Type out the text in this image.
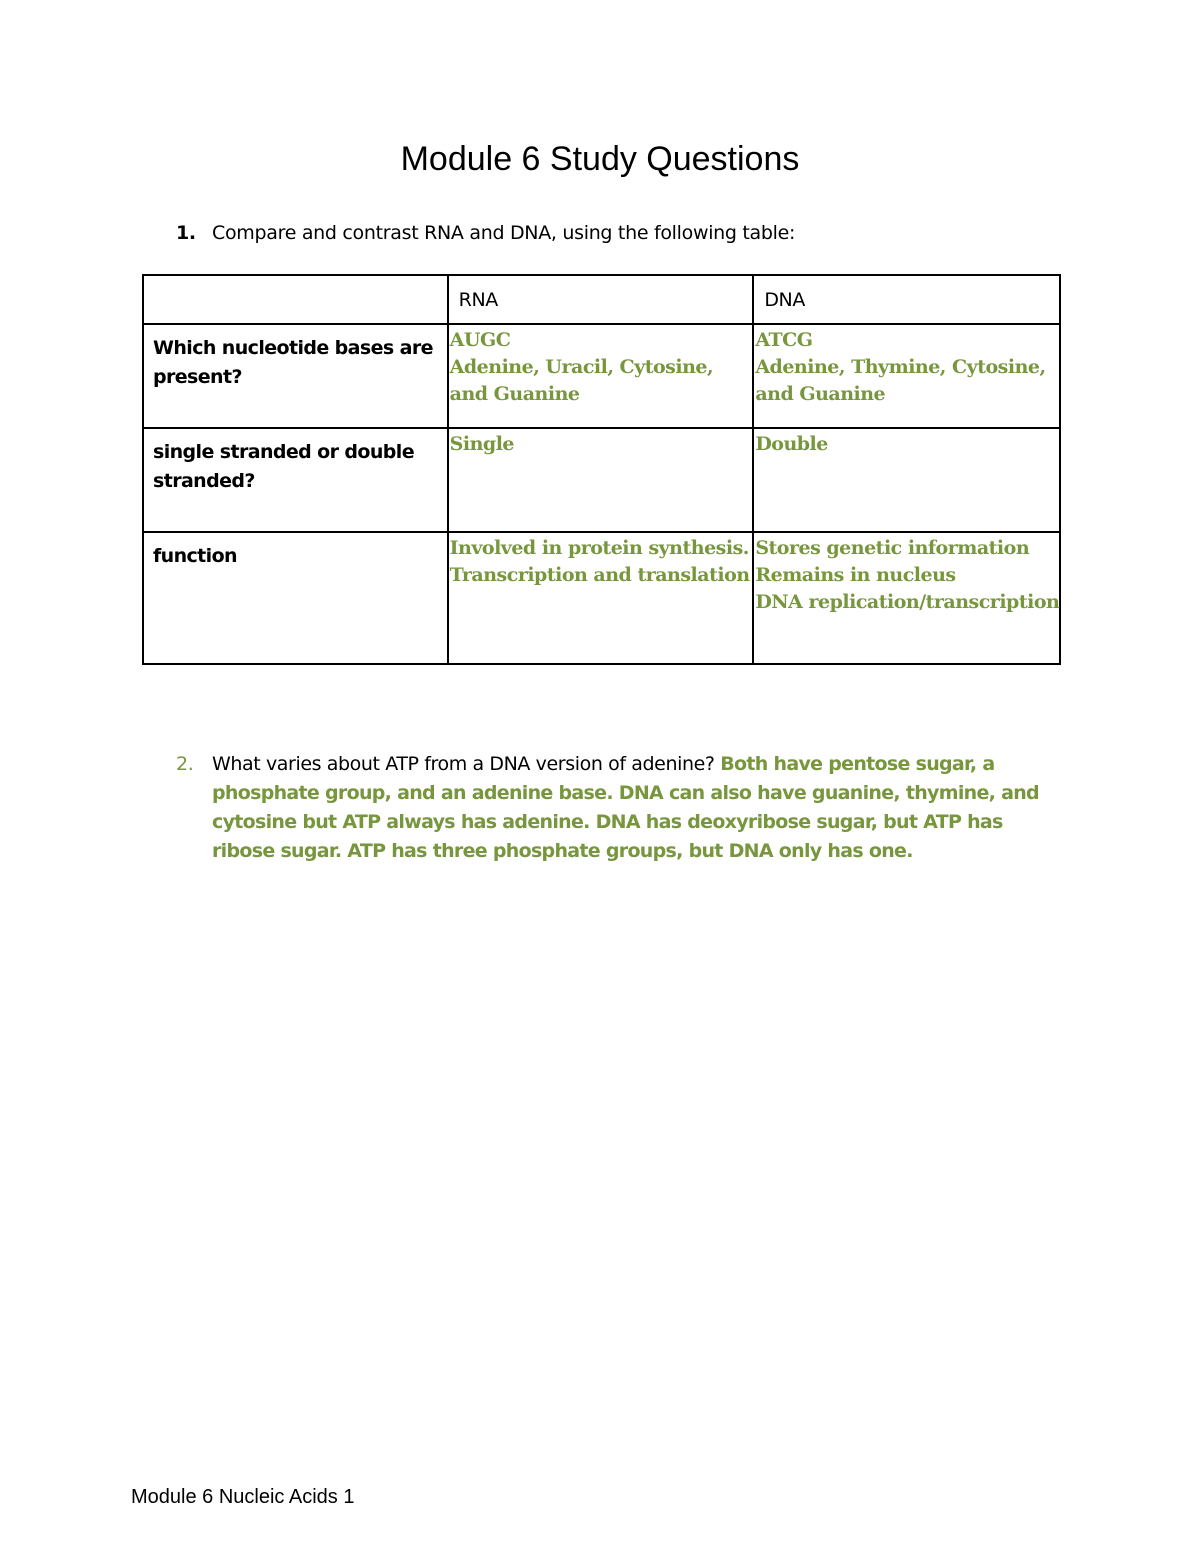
Module 6 Study Questions
1. Compare and contrast RNA and DNA, using the following table:

	RNA	DNA

Which nucleotide bases are present?	AUGC
Adenine, Uracil, Cytosine,
and Guanine	ATCG
Adenine, Thymine, Cytosine,
and Guanine

single stranded or double stranded?	Single	Double

function	Involved in protein synthesis.
Transcription and translation	Stores genetic information
Remains in nucleus
DNA replication/transcription
2. What varies about ATP from a DNA version of adenine? Both have pentose sugar, a phosphate group, and an adenine base. DNA can also have guanine, thymine, and cytosine but ATP always has adenine. DNA has deoxyribose sugar, but ATP has ribose sugar. ATP has three phosphate groups, but DNA only has one.
Module 6 Nucleic Acids 1
